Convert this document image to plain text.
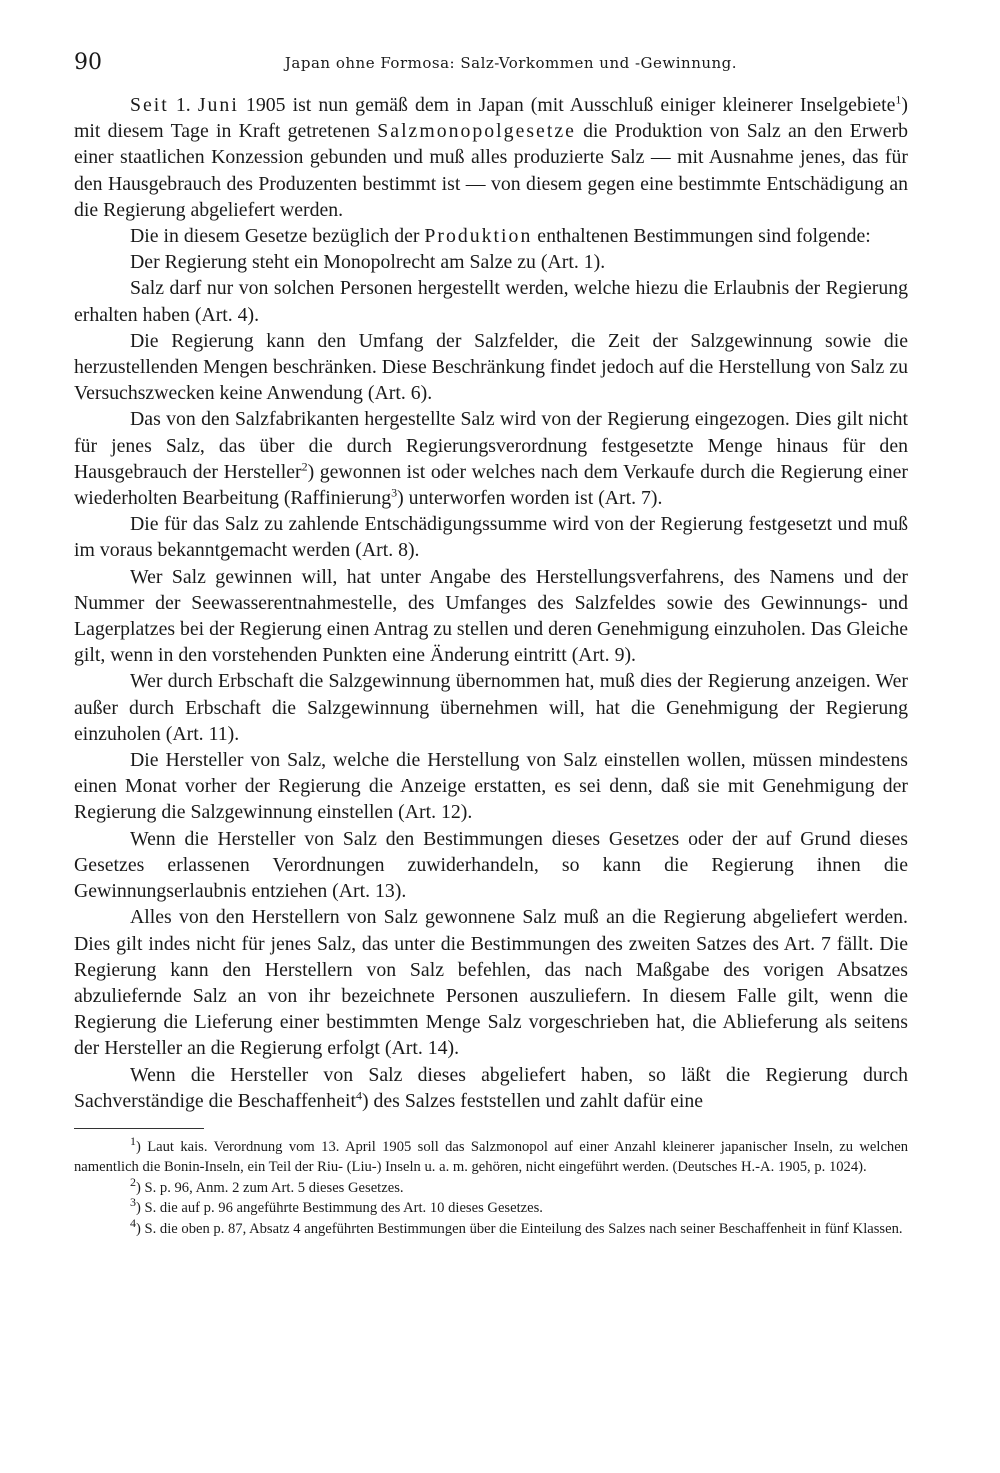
90	Japan ohne Formosa: Salz-Vorkommen und -Gewinnung.

Seit 1. Juni 1905 ist nun gemäß dem in Japan (mit Ausschluß einiger kleinerer Inselgebiete$^1$) mit diesem Tage in Kraft getretenen Salzmonopolgesetze die Produktion von Salz an den Erwerb einer staatlichen Konzession gebunden und muß alles produzierte Salz — mit Ausnahme jenes, das für den Hausgebrauch des Produzenten bestimmt ist — von diesem gegen eine bestimmte Entschädigung an die Regierung abgeliefert werden.

Die in diesem Gesetze bezüglich der Produktion enthaltenen Bestimmungen sind folgende:

Der Regierung steht ein Monopolrecht am Salze zu (Art. 1).

Salz darf nur von solchen Personen hergestellt werden, welche hiezu die Erlaubnis der Regierung erhalten haben (Art. 4).

Die Regierung kann den Umfang der Salzfelder, die Zeit der Salzgewinnung sowie die herzustellenden Mengen beschränken. Diese Beschränkung findet jedoch auf die Herstellung von Salz zu Versuchszwecken keine Anwendung (Art. 6).

Das von den Salzfabrikanten hergestellte Salz wird von der Regierung eingezogen. Dies gilt nicht für jenes Salz, das über die durch Regierungsverordnung festgesetzte Menge hinaus für den Hausgebrauch der Hersteller$^2$) gewonnen ist oder welches nach dem Verkaufe durch die Regierung einer wiederholten Bearbeitung (Raffinierung$^3$) unterworfen worden ist (Art. 7).

Die für das Salz zu zahlende Entschädigungssumme wird von der Regierung festgesetzt und muß im voraus bekanntgemacht werden (Art. 8).

Wer Salz gewinnen will, hat unter Angabe des Herstellungsverfahrens, des Namens und der Nummer der Seewasserentnahmestelle, des Umfanges des Salzfeldes sowie des Gewinnungs- und Lagerplatzes bei der Regierung einen Antrag zu stellen und deren Genehmigung einzuholen. Das Gleiche gilt, wenn in den vorstehenden Punkten eine Änderung eintritt (Art. 9).

Wer durch Erbschaft die Salzgewinnung übernommen hat, muß dies der Regierung anzeigen. Wer außer durch Erbschaft die Salzgewinnung übernehmen will, hat die Genehmigung der Regierung einzuholen (Art. 11).

Die Hersteller von Salz, welche die Herstellung von Salz einstellen wollen, müssen mindestens einen Monat vorher der Regierung die Anzeige erstatten, es sei denn, daß sie mit Genehmigung der Regierung die Salzgewinnung einstellen (Art. 12).

Wenn die Hersteller von Salz den Bestimmungen dieses Gesetzes oder der auf Grund dieses Gesetzes erlassenen Verordnungen zuwiderhandeln, so kann die Regierung ihnen die Gewinnungserlaubnis entziehen (Art. 13).

Alles von den Herstellern von Salz gewonnene Salz muß an die Regierung abgeliefert werden. Dies gilt indes nicht für jenes Salz, das unter die Bestimmungen des zweiten Satzes des Art. 7 fällt. Die Regierung kann den Herstellern von Salz befehlen, das nach Maßgabe des vorigen Absatzes abzuliefernde Salz an von ihr bezeichnete Personen auszuliefern. In diesem Falle gilt, wenn die Regierung die Lieferung einer bestimmten Menge Salz vorgeschrieben hat, die Ablieferung als seitens der Hersteller an die Regierung erfolgt (Art. 14).

Wenn die Hersteller von Salz dieses abgeliefert haben, so läßt die Regierung durch Sachverständige die Beschaffenheit$^4$) des Salzes feststellen und zahlt dafür eine

$^1$) Laut kais. Verordnung vom 13. April 1905 soll das Salzmonopol auf einer Anzahl kleinerer japanischer Inseln, zu welchen namentlich die Bonin-Inseln, ein Teil der Riu- (Liu-) Inseln u. a. m. gehören, nicht eingeführt werden. (Deutsches H.-A. 1905, p. 1024).

$^2$) S. p. 96, Anm. 2 zum Art. 5 dieses Gesetzes.

$^3$) S. die auf p. 96 angeführte Bestimmung des Art. 10 dieses Gesetzes.

$^4$) S. die oben p. 87, Absatz 4 angeführten Bestimmungen über die Einteilung des Salzes nach seiner Beschaffenheit in fünf Klassen.
